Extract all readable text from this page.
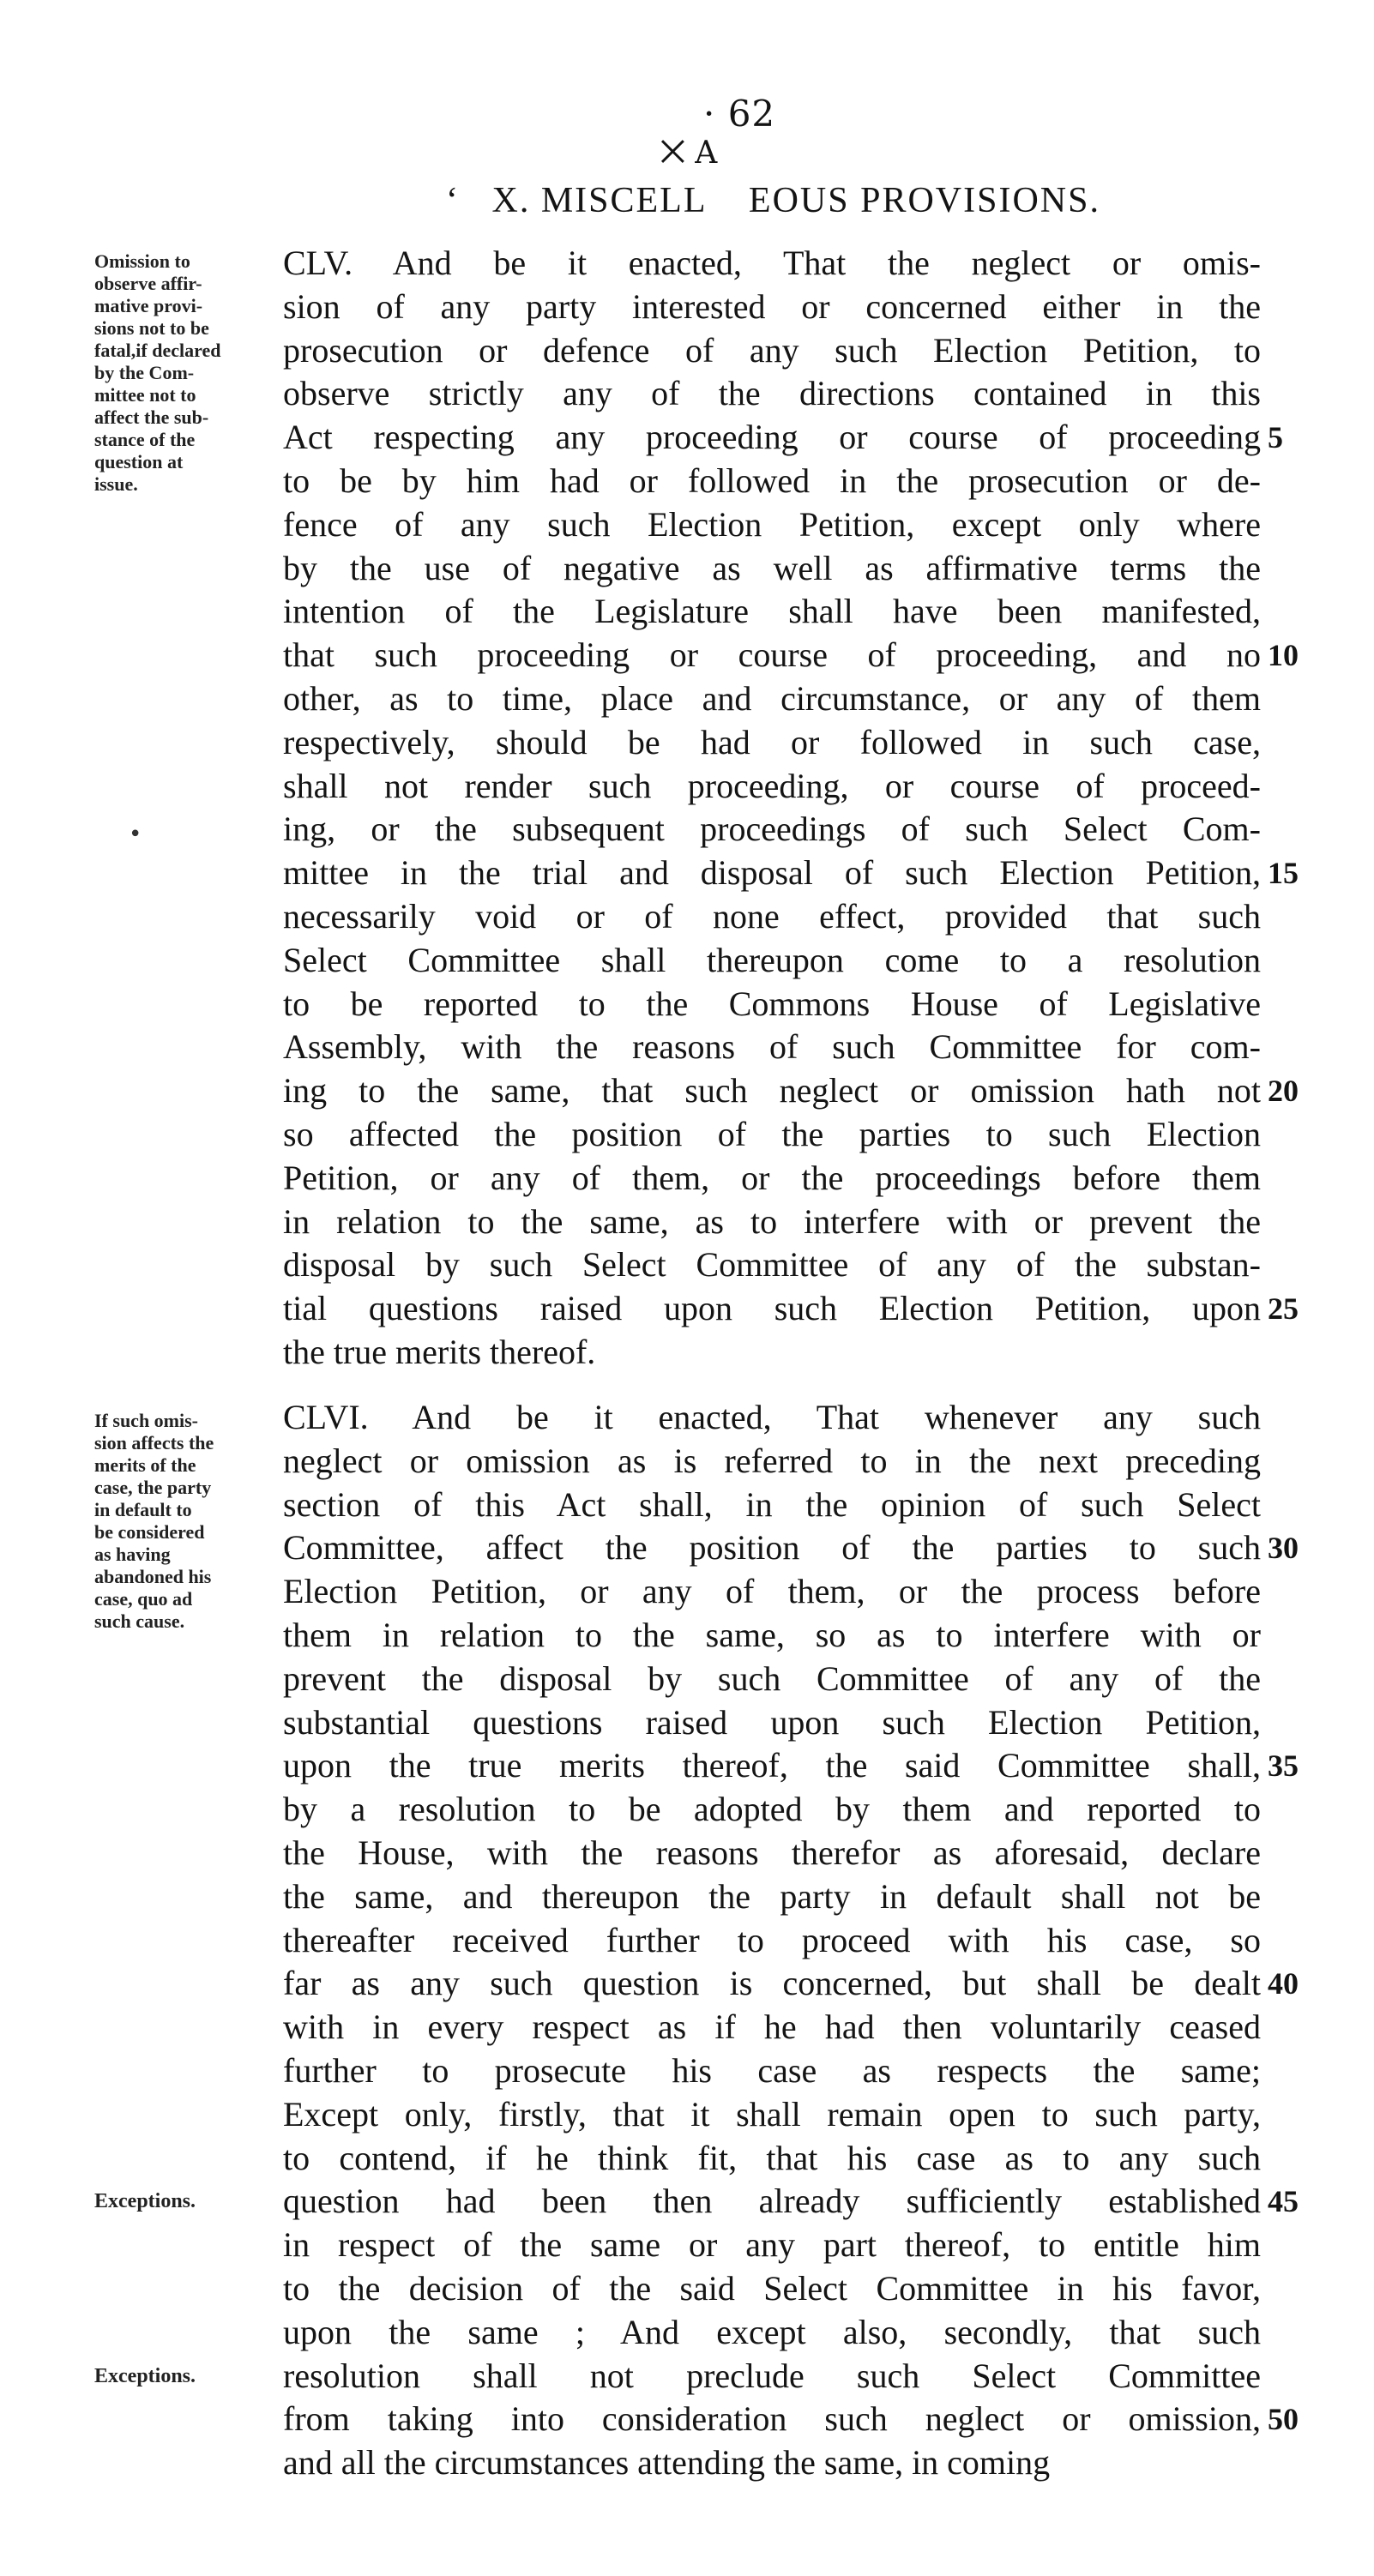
· 62
⨉ A
‘   X. MISCELL    EOUS PROVISIONS.
Omission to
observe affir-
mative provi-
sions not to be
fatal,if declared
by the Com-
mittee not to
affect the sub-
stance of the
question at
issue.
CLV. And be it enacted, That the neglect or omis-
sion of any party interested or concerned either in the
prosecution or defence of any such Election Petition, to
observe strictly any of the directions contained in this
Act respecting any proceeding or course of proceeding
to be by him had or followed in the prosecution or de-
fence of any such Election Petition, except only where
by the use of negative as well as affirmative terms the
intention of the Legislature shall have been manifested,
that such proceeding or course of proceeding, and no
other, as to time, place and circumstance, or any of them
respectively, should be had or followed in such case,
shall not render such proceeding, or course of proceed-
ing, or the subsequent proceedings of such Select Com-
mittee in the trial and disposal of such Election Petition,
necessarily void or of none effect, provided that such
Select Committee shall thereupon come to a resolution
to be reported to the Commons House of Legislative
Assembly, with the reasons of such Committee for com-
ing to the same, that such neglect or omission hath not
so affected the position of the parties to such Election
Petition, or any of them, or the proceedings before them
in relation to the same, as to interfere with or prevent the
disposal by such Select Committee of any of the substan-
tial questions raised upon such Election Petition, upon
the true merits thereof.
5
10
15
20
25
If such omis-
sion affects the
merits of the
case, the party
in default to
be considered
as having
abandoned his
case, quo ad
such cause.
CLVI. And be it enacted, That whenever any such
neglect or omission as is referred to in the next preceding
section of this Act shall, in the opinion of such Select
Committee, affect the position of the parties to such
Election Petition, or any of them, or the process before
them in relation to the same, so as to interfere with or
prevent the disposal by such Committee of any of the
substantial questions raised upon such Election Petition,
upon the true merits thereof, the said Committee shall,
by a resolution to be adopted by them and reported to
the House, with the reasons therefor as aforesaid, declare
the same, and thereupon the party in default shall not be
thereafter received further to proceed with his case, so
far as any such question is concerned, but shall be dealt
with in every respect as if he had then voluntarily ceased
further to prosecute his case as respects the same;
Except only, firstly, that it shall remain open to such party,
to contend, if he think fit, that his case as to any such
question had been then already sufficiently established
in respect of the same or any part thereof, to entitle him
to the decision of the said Select Committee in his favor,
upon the same ; And except also, secondly, that such
resolution shall not preclude such Select Committee
from taking into consideration such neglect or omission,
and all the circumstances attending the same, in coming
30
35
40
45
50
Exceptions.
Exceptions.
•
